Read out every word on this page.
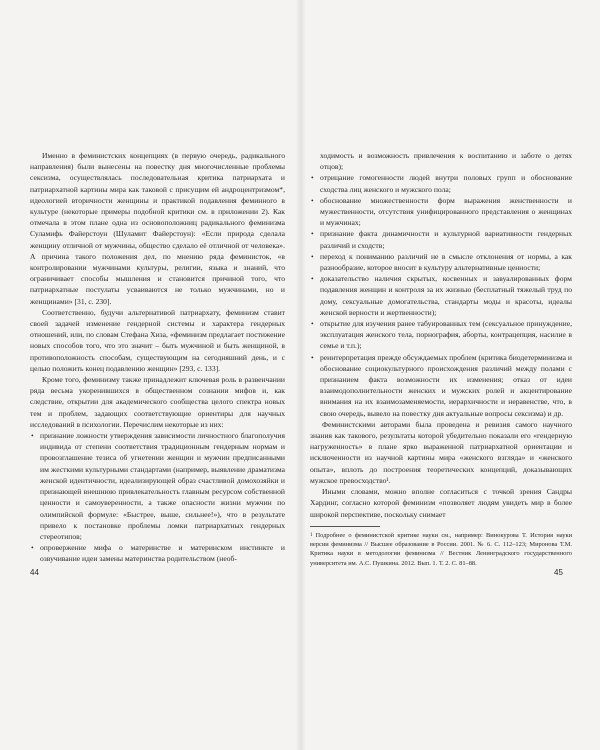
Именно в феминистских концепциях (в первую очередь, радикального направления) были вынесены на повестку дня многочисленные проблемы сексизма, осуществлялась последовательная критика патриархата и патриархатной картины мира как таковой с присущим ей андроцентризмом*, идеологией вторичности женщины и практикой подавления феминного в культуре (некоторые примеры подобной критики см. в приложении 2). Как отмечала в этом плане одна из основоположниц радикального феминизма Суламифь Файерстоун (Шуламит Файерстоун): «Если природа сделала женщину отличной от мужчины, общество сделало её отличной от человека». А причина такого положения дел, по мнению ряда феминисток, «в контролировании мужчинами культуры, религии, языка и знаний, что ограничивает способы мышления и становится причиной того, что патриархатные постулаты усваиваются не только мужчинами, но и женщинами» [31, с. 230].

Соответственно, будучи альтернативой патриархату, феминизм ставит своей задачей изменение гендерной системы и характера гендерных отношений, или, по словам Стефана Хиза, «феминизм предлагает постижение новых способов того, что это значит – быть мужчиной и быть женщиной, в противоположность способам, существующим на сегодняшний день, и с целью положить конец подавлению женщин» [293, с. 133].

Кроме того, феминизму также принадлежит ключевая роль в развенчании ряда весьма укоренившихся в общественном сознании мифов и, как следствие, открытии для академического сообщества целого спектра новых тем и проблем, задающих соответствующие ориентиры для научных исследований в психологии. Перечислим некоторые из них:

• признание ложности утверждения зависимости личностного благополучия индивида от степени соответствия традиционным гендерным нормам и провозглашение тезиса об угнетении женщин и мужчин предписанными им жесткими культурными стандартами (например, выявление драматизма женской идентичности, идеализирующей образ счастливой домохозяйки и признающей внешнюю привлекательность главным ресурсом собственной ценности и самоуверенности, а также опасности жизни мужчин по олимпийской формуле: «Быстрее, выше, сильнее!»), что в результате привело к постановке проблемы ломки патриархатных гендерных стереотипов;
• опровержение мифа о материнстве и материнском инстинкте и озвучивание идеи замены материнства родительством (необ-
44
ходимость и возможность привлечения к воспитанию и заботе о детях отцов);
• отрицание гомогенности людей внутри половых групп и обоснование сходства лиц женского и мужского пола;
• обоснование множественности форм выражения женственности и мужественности, отсутствия унифицированного представления о женщинах и мужчинах;
• признание факта динамичности и культурной вариативности гендерных различий и сходств;
• переход к пониманию различий не в смысле отклонения от нормы, а как разнообразие, которое вносит в культуру альтернативные ценности;
• доказательство наличия скрытых, косвенных и завуалированных форм подавления женщин и контроля за их жизнью (бесплатный тяжелый труд по дому, сексуальные домогательства, стандарты моды и красоты, идеалы женской верности и жертвенности);
• открытие для изучения ранее табуированных тем (сексуальное принуждение, эксплуатация женского тела, порнография, аборты, контрацепция, насилие в семье и т.п.);
• реинтерпретация прежде обсуждаемых проблем (критика биодетерминизма и обоснование социокультурного происхождения различий между полами с признанием факта возможности их изменения; отказ от идеи взаимодополнительности женских и мужских ролей и акцентирование внимания на их взаимозаменяемости, иерархичности и неравенстве, что, в свою очередь, вывело на повестку дня актуальные вопросы сексизма) и др.

Феминистскими авторами была проведена и ревизия самого научного знания как такового, результаты которой убедительно показали его «гендерную нагруженность» в плане ярко выраженной патриархатной ориентации и исключенности из научной картины мира «женского взгляда» и «женского опыта», вплоть до построения теоретических концепций, доказывающих мужское превосходство¹.

Иными словами, можно вполне согласиться с точкой зрения Сандры Хардинг, согласно которой феминизм «позволяет людям увидеть мир в более широкой перспективе, поскольку снимает

$^1$ Подробнее о феминистской критике науки см., например: Винокурова Т. История науки версии феминизма // Высшее образование в России. 2001. № 6. С. 112–123; Миронова Т.М. Критика науки в методологии феминизма // Вестник Ленинградского государственного университета им. А.С. Пушкина. 2012. Вып. 1. Т. 2. С. 81–88.

45
